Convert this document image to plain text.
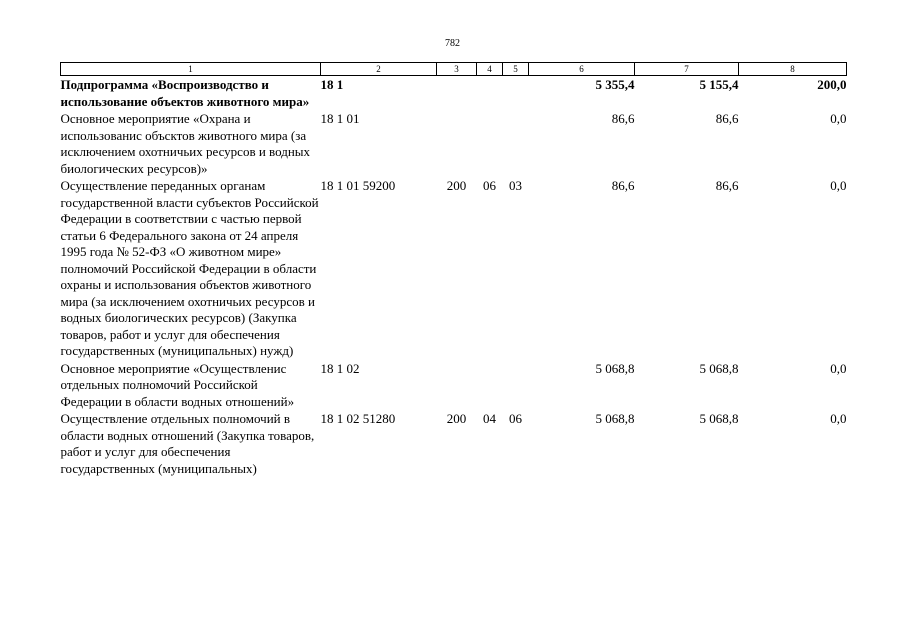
782
1	2	3	4	5	6	7	8
Подпрограмма «Воспроизводство и использование объектов животного мира»	18 1				5 355,4	5 155,4	200,0
Основное мероприятие «Охрана и использованис объсктов животного мира (за исключением охотничьих ресурсов и водных биологических ресурсов)»	18 1 01				86,6	86,6	0,0
Осуществление переданных органам государственной власти субъектов Российской Федерации в соответствии с частью первой статьи 6 Федерального закона от 24 апреля 1995 года № 52-ФЗ «О животном мире» полномочий Российской Федерации в области охраны и использования объектов животного мира (за исключением охотничьих ресурсов и водных биологических ресурсов) (Закупка товаров, работ и услуг для обеспечения государственных (муниципальных) нужд)	18 1 01 59200	200	06	03	86,6	86,6	0,0
Основное мероприятие «Осуществленис отдельных полномочий Российской Федерации в области водных отношений»	18 1 02				5 068,8	5 068,8	0,0
Осуществление отдельных полномочий в области водных отношений (Закупка товаров, работ и услуг для обеспечения государственных (муниципальных)	18 1 02 51280	200	04	06	5 068,8	5 068,8	0,0
